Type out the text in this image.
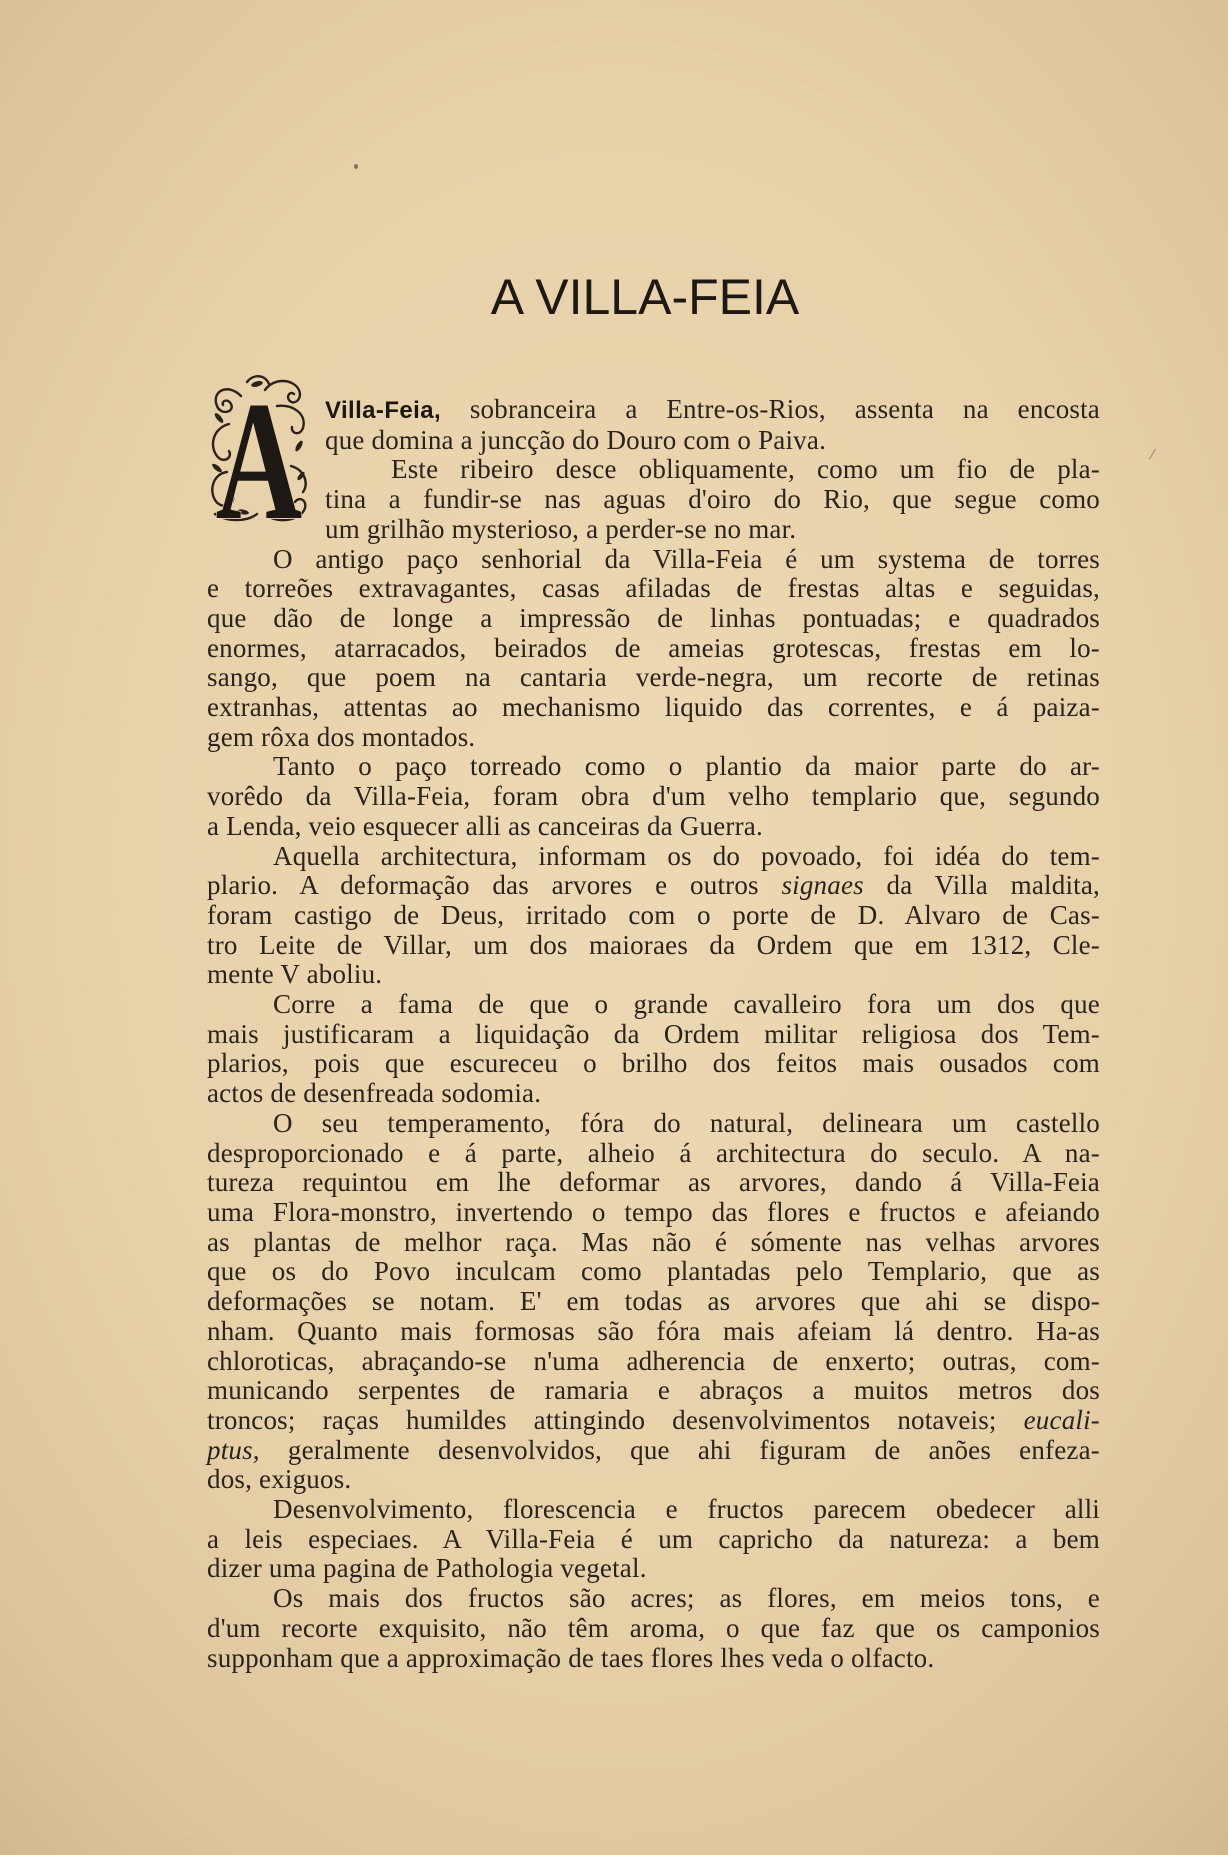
A VILLA-FEIA
A Villa-Feia, sobranceira a Entre-os-Rios, assenta na encosta
que domina a juncção do Douro com o Paiva.
Este ribeiro desce obliquamente, como um fio de pla-
tina a fundir-se nas aguas d'oiro do Rio, que segue como
um grilhão mysterioso, a perder-se no mar.
O antigo paço senhorial da Villa-Feia é um systema de torres
e torreões extravagantes, casas afiladas de frestas altas e seguidas,
que dão de longe a impressão de linhas pontuadas; e quadrados
enormes, atarracados, beirados de ameias grotescas, frestas em lo-
sango, que poem na cantaria verde-negra, um recorte de retinas
extranhas, attentas ao mechanismo liquido das correntes, e á paiza-
gem rôxa dos montados.
Tanto o paço torreado como o plantio da maior parte do ar-
vorêdo da Villa-Feia, foram obra d'um velho templario que, segundo
a Lenda, veio esquecer alli as canceiras da Guerra.
Aquella architectura, informam os do povoado, foi idéa do tem-
plario. A deformação das arvores e outros signaes da Villa maldita,
foram castigo de Deus, irritado com o porte de D. Alvaro de Cas-
tro Leite de Villar, um dos maioraes da Ordem que em 1312, Cle-
mente V aboliu.
Corre a fama de que o grande cavalleiro fora um dos que
mais justificaram a liquidação da Ordem militar religiosa dos Tem-
plarios, pois que escureceu o brilho dos feitos mais ousados com
actos de desenfreada sodomia.
O seu temperamento, fóra do natural, delineara um castello
desproporcionado e á parte, alheio á architectura do seculo. A na-
tureza requintou em lhe deformar as arvores, dando á Villa-Feia
uma Flora-monstro, invertendo o tempo das flores e fructos e afeiando
as plantas de melhor raça. Mas não é sómente nas velhas arvores
que os do Povo inculcam como plantadas pelo Templario, que as
deformações se notam. E' em todas as arvores que ahi se dispo-
nham. Quanto mais formosas são fóra mais afeiam lá dentro. Ha-as
chloroticas, abraçando-se n'uma adherencia de enxerto; outras, com-
municando serpentes de ramaria e abraços a muitos metros dos
troncos; raças humildes attingindo desenvolvimentos notaveis; eucali-
ptus, geralmente desenvolvidos, que ahi figuram de anões enfeza-
dos, exiguos.
Desenvolvimento, florescencia e fructos parecem obedecer alli
a leis especiaes. A Villa-Feia é um capricho da natureza: a bem
dizer uma pagina de Pathologia vegetal.
Os mais dos fructos são acres; as flores, em meios tons, e
d'um recorte exquisito, não têm aroma, o que faz que os camponios
supponham que a approximação de taes flores lhes veda o olfacto.
